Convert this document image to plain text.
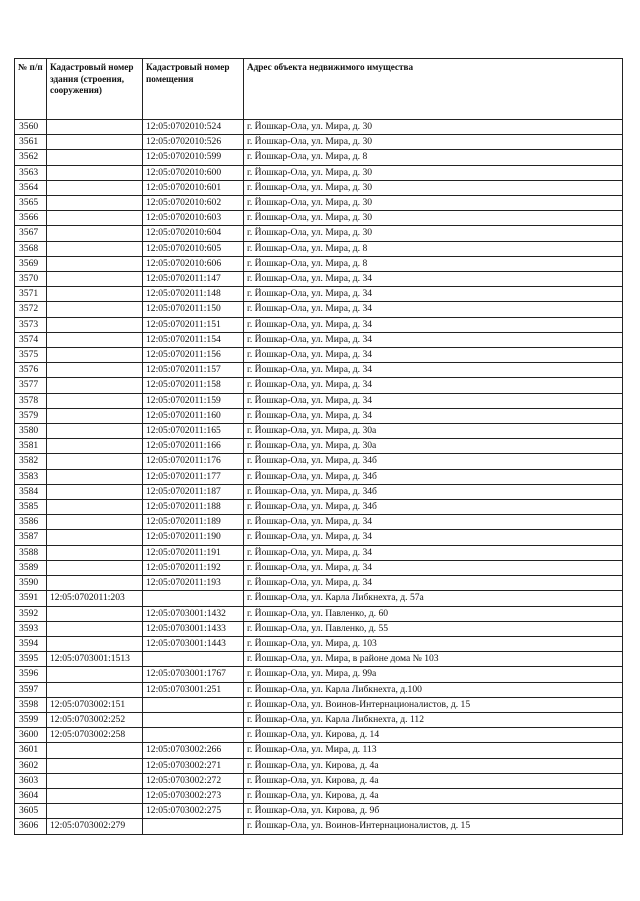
№ п/п	Кадастровый номер здания (строения, сооружения)	Кадастровый номер помещения	Адрес объекта недвижимого имущества
3560		12:05:0702010:524	г. Йошкар-Ола, ул. Мира, д. 30
3561		12:05:0702010:526	г. Йошкар-Ола, ул. Мира, д. 30
3562		12:05:0702010:599	г. Йошкар-Ола, ул. Мира, д. 8
3563		12:05:0702010:600	г. Йошкар-Ола, ул. Мира, д. 30
3564		12:05:0702010:601	г. Йошкар-Ола, ул. Мира, д. 30
3565		12:05:0702010:602	г. Йошкар-Ола, ул. Мира, д. 30
3566		12:05:0702010:603	г. Йошкар-Ола, ул. Мира, д. 30
3567		12:05:0702010:604	г. Йошкар-Ола, ул. Мира, д. 30
3568		12:05:0702010:605	г. Йошкар-Ола, ул. Мира, д. 8
3569		12:05:0702010:606	г. Йошкар-Ола, ул. Мира, д. 8
3570		12:05:0702011:147	г. Йошкар-Ола, ул. Мира, д. 34
3571		12:05:0702011:148	г. Йошкар-Ола, ул. Мира, д. 34
3572		12:05:0702011:150	г. Йошкар-Ола, ул. Мира, д. 34
3573		12:05:0702011:151	г. Йошкар-Ола, ул. Мира, д. 34
3574		12:05:0702011:154	г. Йошкар-Ола, ул. Мира, д. 34
3575		12:05:0702011:156	г. Йошкар-Ола, ул. Мира, д. 34
3576		12:05:0702011:157	г. Йошкар-Ола, ул. Мира, д. 34
3577		12:05:0702011:158	г. Йошкар-Ола, ул. Мира, д. 34
3578		12:05:0702011:159	г. Йошкар-Ола, ул. Мира, д. 34
3579		12:05:0702011:160	г. Йошкар-Ола, ул. Мира, д. 34
3580		12:05:0702011:165	г. Йошкар-Ола, ул. Мира, д. 30а
3581		12:05:0702011:166	г. Йошкар-Ола, ул. Мира, д. 30а
3582		12:05:0702011:176	г. Йошкар-Ола, ул. Мира, д. 34б
3583		12:05:0702011:177	г. Йошкар-Ола, ул. Мира, д. 34б
3584		12:05:0702011:187	г. Йошкар-Ола, ул. Мира, д. 34б
3585		12:05:0702011:188	г. Йошкар-Ола, ул. Мира, д. 34б
3586		12:05:0702011:189	г. Йошкар-Ола, ул. Мира, д. 34
3587		12:05:0702011:190	г. Йошкар-Ола, ул. Мира, д. 34
3588		12:05:0702011:191	г. Йошкар-Ола, ул. Мира, д. 34
3589		12:05:0702011:192	г. Йошкар-Ола, ул. Мира, д. 34
3590		12:05:0702011:193	г. Йошкар-Ола, ул. Мира, д. 34
3591	12:05:0702011:203		г. Йошкар-Ола, ул. Карла Либкнехта, д. 57а
3592		12:05:0703001:1432	г. Йошкар-Ола, ул. Павленко, д. 60
3593		12:05:0703001:1433	г. Йошкар-Ола, ул. Павленко, д. 55
3594		12:05:0703001:1443	г. Йошкар-Ола, ул. Мира, д. 103
3595	12:05:0703001:1513		г. Йошкар-Ола, ул. Мира, в районе дома № 103
3596		12:05:0703001:1767	г. Йошкар-Ола, ул. Мира, д. 99а
3597		12:05:0703001:251	г. Йошкар-Ола, ул. Карла Либкнехта, д.100
3598	12:05:0703002:151		г. Йошкар-Ола, ул. Воинов-Интернационалистов, д. 15
3599	12:05:0703002:252		г. Йошкар-Ола, ул. Карла Либкнехта, д. 112
3600	12:05:0703002:258		г. Йошкар-Ола, ул. Кирова, д. 14
3601		12:05:0703002:266	г. Йошкар-Ола, ул. Мира, д. 113
3602		12:05:0703002:271	г. Йошкар-Ола, ул. Кирова, д. 4а
3603		12:05:0703002:272	г. Йошкар-Ола, ул. Кирова, д. 4а
3604		12:05:0703002:273	г. Йошкар-Ола, ул. Кирова, д. 4а
3605		12:05:0703002:275	г. Йошкар-Ола, ул. Кирова, д. 9б
3606	12:05:0703002:279		г. Йошкар-Ола, ул. Воинов-Интернационалистов, д. 15
